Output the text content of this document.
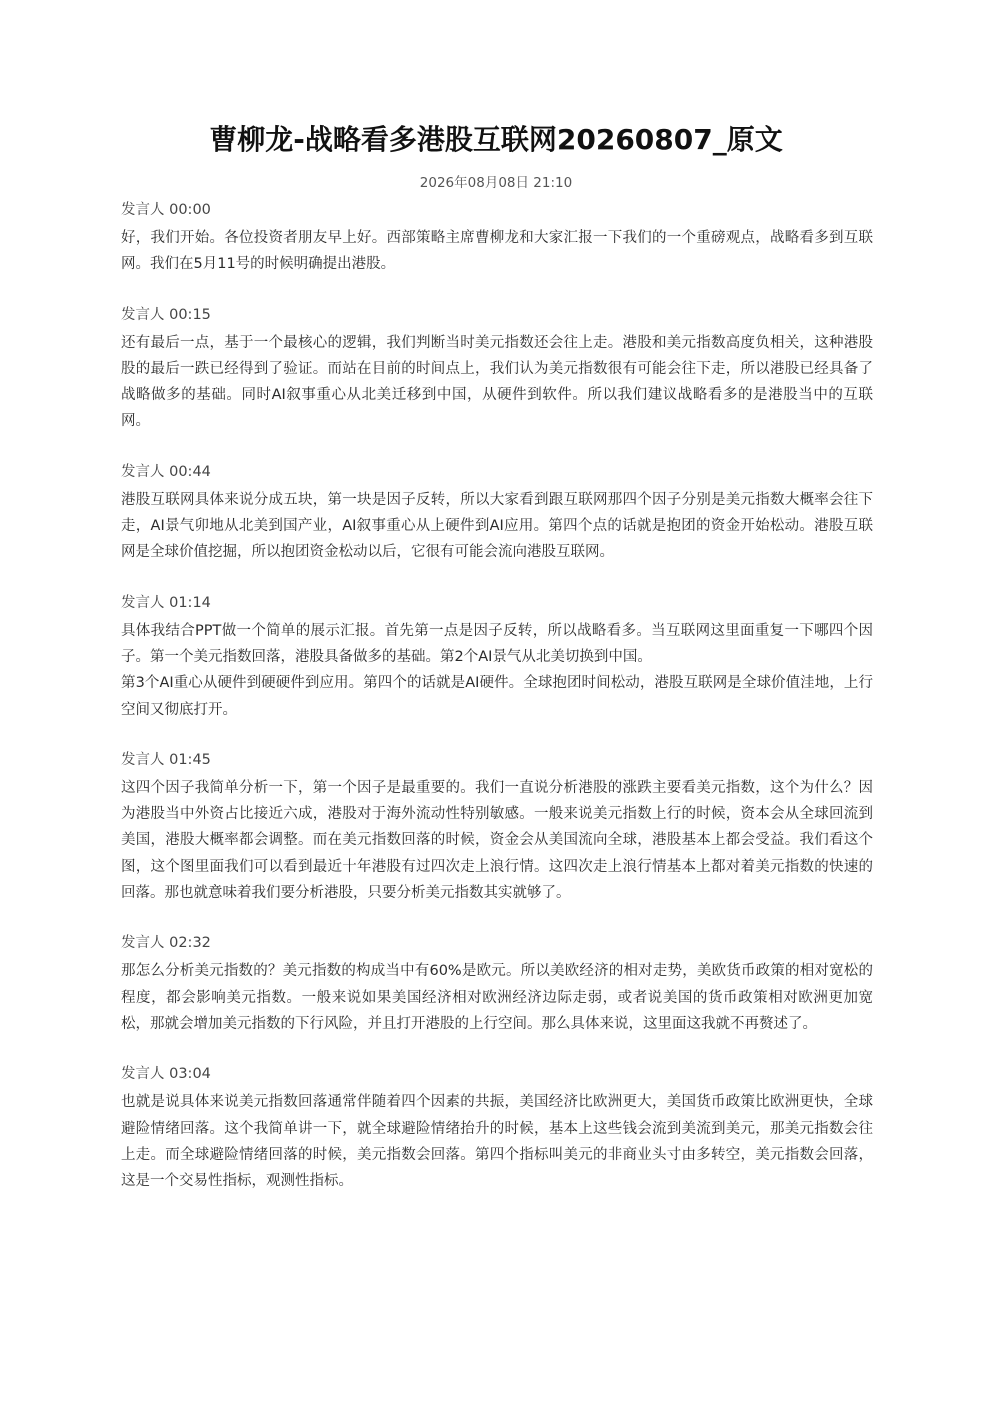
曹柳龙-战略看多港股互联网20260807_原文
2026年08月08日 21:10
发言人 00:00

好，我们开始。各位投资者朋友早上好。西部策略主席曹柳龙和大家汇报一下我们的一个重磅观点，战略看多到互联网。我们在5月11号的时候明确提出港股。

发言人 00:15

还有最后一点，基于一个最核心的逻辑，我们判断当时美元指数还会往上走。港股和美元指数高度负相关，这种港股股的最后一跌已经得到了验证。而站在目前的时间点上，我们认为美元指数很有可能会往下走，所以港股已经具备了战略做多的基础。同时AI叙事重心从北美迁移到中国，从硬件到软件。所以我们建议战略看多的是港股当中的互联网。

发言人 00:44

港股互联网具体来说分成五块，第一块是因子反转，所以大家看到跟互联网那四个因子分别是美元指数大概率会往下走，AI景气卯地从北美到国产业，AI叙事重心从上硬件到AI应用。第四个点的话就是抱团的资金开始松动。港股互联网是全球价值挖掘，所以抱团资金松动以后，它很有可能会流向港股互联网。

发言人 01:14

具体我结合PPT做一个简单的展示汇报。首先第一点是因子反转，所以战略看多。当互联网这里面重复一下哪四个因子。第一个美元指数回落，港股具备做多的基础。第2个AI景气从北美切换到中国。

第3个AI重心从硬件到硬硬件到应用。第四个的话就是AI硬件。全球抱团时间松动，港股互联网是全球价值洼地，上行空间又彻底打开。

发言人 01:45

这四个因子我简单分析一下，第一个因子是最重要的。我们一直说分析港股的涨跌主要看美元指数，这个为什么？因为港股当中外资占比接近六成，港股对于海外流动性特别敏感。一般来说美元指数上行的时候，资本会从全球回流到美国，港股大概率都会调整。而在美元指数回落的时候，资金会从美国流向全球，港股基本上都会受益。我们看这个图，这个图里面我们可以看到最近十年港股有过四次走上浪行情。这四次走上浪行情基本上都对着美元指数的快速的回落。那也就意味着我们要分析港股，只要分析美元指数其实就够了。

发言人 02:32

那怎么分析美元指数的？美元指数的构成当中有60%是欧元。所以美欧经济的相对走势，美欧货币政策的相对宽松的程度，都会影响美元指数。一般来说如果美国经济相对欧洲经济边际走弱，或者说美国的货币政策相对欧洲更加宽松，那就会增加美元指数的下行风险，并且打开港股的上行空间。那么具体来说，这里面这我就不再赘述了。

发言人 03:04

也就是说具体来说美元指数回落通常伴随着四个因素的共振，美国经济比欧洲更大，美国货币政策比欧洲更快，全球避险情绪回落。这个我简单讲一下，就全球避险情绪抬升的时候，基本上这些钱会流到美流到美元，那美元指数会往上走。而全球避险情绪回落的时候，美元指数会回落。第四个指标叫美元的非商业头寸由多转空，美元指数会回落，这是一个交易性指标，观测性指标。
